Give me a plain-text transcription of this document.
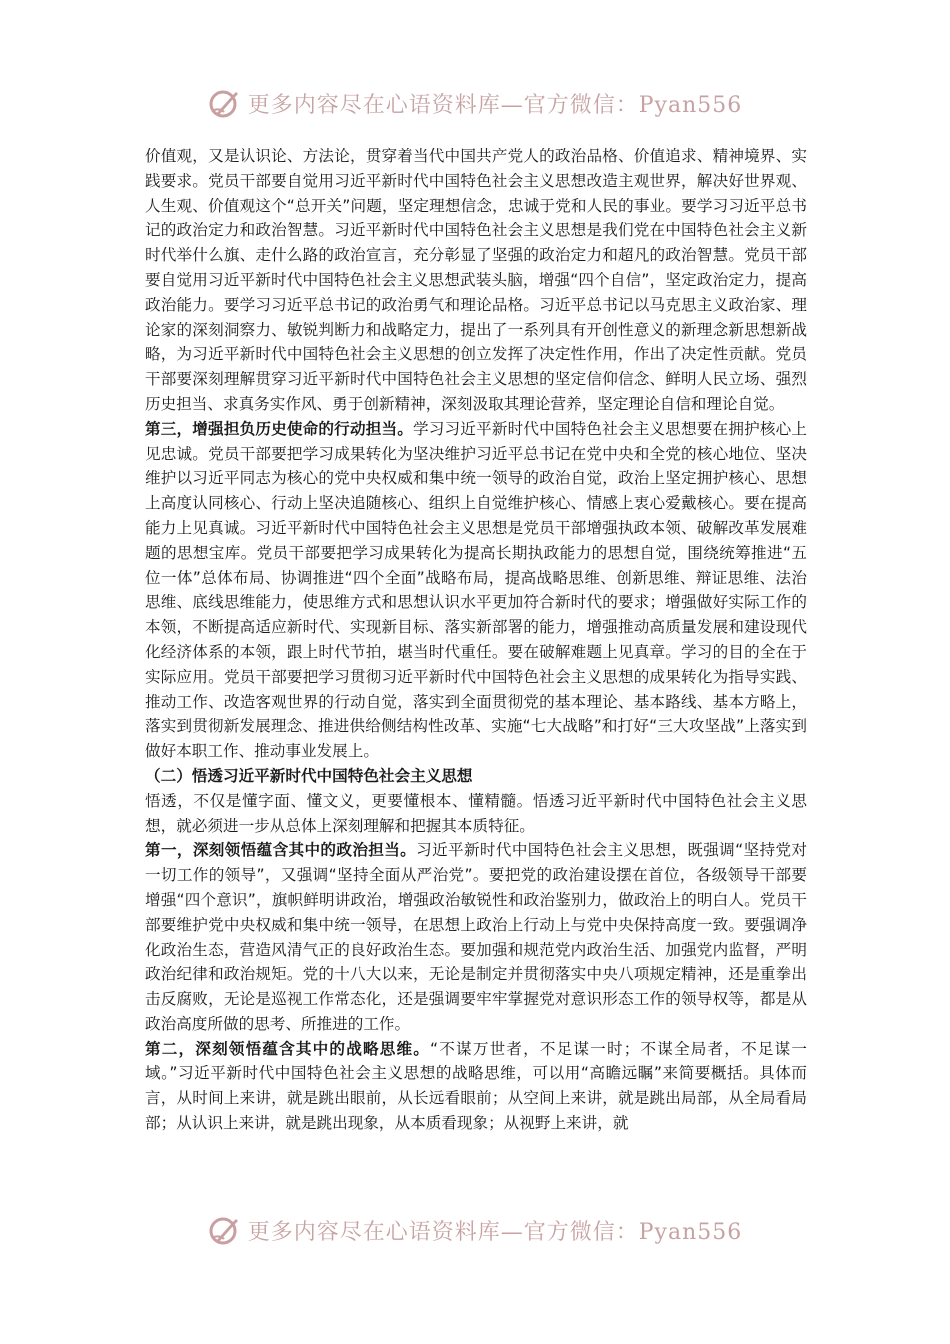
更多内容尽在心语资料库—官方微信：Pyan556

价值观，又是认识论、方法论，贯穿着当代中国共产党人的政治品格、价值追求、精神境界、实践要求。党员干部要自觉用习近平新时代中国特色社会主义思想改造主观世界，解决好世界观、人生观、价值观这个“总开关”问题，坚定理想信念，忠诚于党和人民的事业。要学习习近平总书记的政治定力和政治智慧。习近平新时代中国特色社会主义思想是我们党在中国特色社会主义新时代举什么旗、走什么路的政治宣言，充分彰显了坚强的政治定力和超凡的政治智慧。党员干部要自觉用习近平新时代中国特色社会主义思想武装头脑，增强“四个自信”，坚定政治定力，提高政治能力。要学习习近平总书记的政治勇气和理论品格。习近平总书记以马克思主义政治家、理论家的深刻洞察力、敏锐判断力和战略定力，提出了一系列具有开创性意义的新理念新思想新战略，为习近平新时代中国特色社会主义思想的创立发挥了决定性作用，作出了决定性贡献。党员干部要深刻理解贯穿习近平新时代中国特色社会主义思想的坚定信仰信念、鲜明人民立场、强烈历史担当、求真务实作风、勇于创新精神，深刻汲取其理论营养，坚定理论自信和理论自觉。

第三，增强担负历史使命的行动担当。学习习近平新时代中国特色社会主义思想要在拥护核心上见忠诚。党员干部要把学习成果转化为坚决维护习近平总书记在党中央和全党的核心地位、坚决维护以习近平同志为核心的党中央权威和集中统一领导的政治自觉，政治上坚定拥护核心、思想上高度认同核心、行动上坚决追随核心、组织上自觉维护核心、情感上衷心爱戴核心。要在提高能力上见真诚。习近平新时代中国特色社会主义思想是党员干部增强执政本领、破解改革发展难题的思想宝库。党员干部要把学习成果转化为提高长期执政能力的思想自觉，围绕统筹推进“五位一体”总体布局、协调推进“四个全面”战略布局，提高战略思维、创新思维、辩证思维、法治思维、底线思维能力，使思维方式和思想认识水平更加符合新时代的要求；增强做好实际工作的本领，不断提高适应新时代、实现新目标、落实新部署的能力，增强推动高质量发展和建设现代化经济体系的本领，跟上时代节拍，堪当时代重任。要在破解难题上见真章。学习的目的全在于实际应用。党员干部要把学习贯彻习近平新时代中国特色社会主义思想的成果转化为指导实践、推动工作、改造客观世界的行动自觉，落实到全面贯彻党的基本理论、基本路线、基本方略上，落实到贯彻新发展理念、推进供给侧结构性改革、实施“七大战略”和打好“三大攻坚战”上落实到做好本职工作、推动事业发展上。

（二）悟透习近平新时代中国特色社会主义思想

悟透，不仅是懂字面、懂文义，更要懂根本、懂精髓。悟透习近平新时代中国特色社会主义思想，就必须进一步从总体上深刻理解和把握其本质特征。

第一，深刻领悟蕴含其中的政治担当。习近平新时代中国特色社会主义思想，既强调“坚持党对一切工作的领导”，又强调“坚持全面从严治党”。要把党的政治建设摆在首位，各级领导干部要增强“四个意识”，旗帜鲜明讲政治，增强政治敏锐性和政治鉴别力，做政治上的明白人。党员干部要维护党中央权威和集中统一领导，在思想上政治上行动上与党中央保持高度一致。要强调净化政治生态，营造风清气正的良好政治生态。要加强和规范党内政治生活、加强党内监督，严明政治纪律和政治规矩。党的十八大以来，无论是制定并贯彻落实中央八项规定精神，还是重拳出击反腐败，无论是巡视工作常态化，还是强调要牢牢掌握党对意识形态工作的领导权等，都是从政治高度所做的思考、所推进的工作。

第二，深刻领悟蕴含其中的战略思维。“不谋万世者，不足谋一时；不谋全局者，不足谋一域。”习近平新时代中国特色社会主义思想的战略思维，可以用“高瞻远瞩”来简要概括。具体而言，从时间上来讲，就是跳出眼前，从长远看眼前；从空间上来讲，就是跳出局部，从全局看局部；从认识上来讲，就是跳出现象，从本质看现象；从视野上来讲，就

更多内容尽在心语资料库—官方微信：Pyan556
